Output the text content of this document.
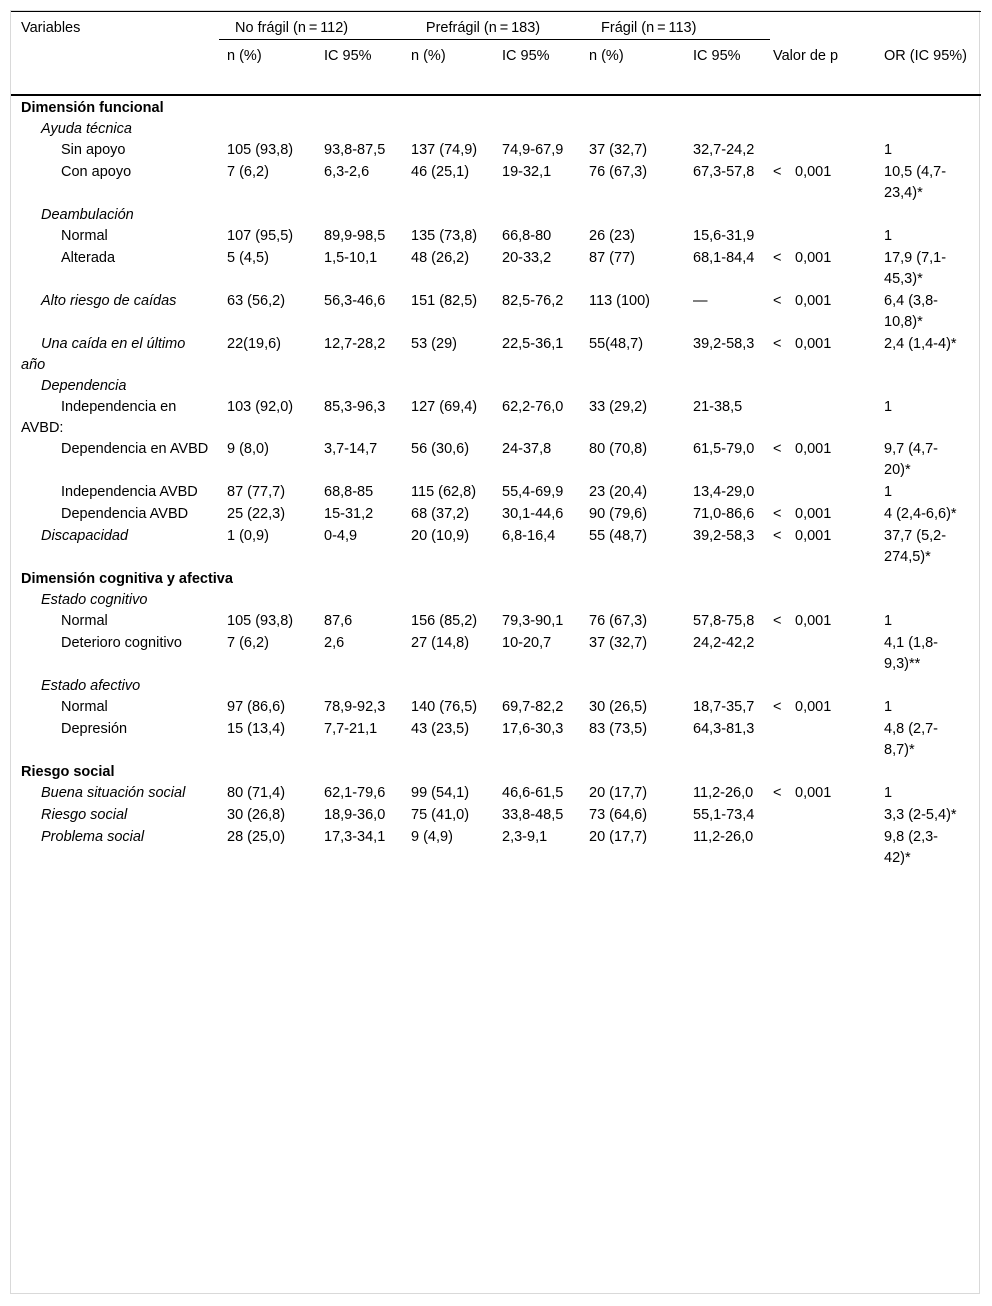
Variables	No frágil (n = 112)		Prefrágil (n = 183)		Frágil (n = 113)			
	n (%)	IC 95%	n (%)	IC 95%	n (%)	IC 95%	Valor de p	OR (IC 95%)
Dimensión funcional								
Ayuda técnica								
Sin apoyo	105 (93,8)	93,8-87,5	137 (74,9)	74,9-67,9	37 (32,7)	32,7-24,2		1
Con apoyo	7 (6,2)	6,3-2,6	46 (25,1)	19-32,1	76 (67,3)	67,3-57,8	< 0,001	10,5 (4,7-23,4)*
Deambulación								
Normal	107 (95,5)	89,9-98,5	135 (73,8)	66,8-80	26 (23)	15,6-31,9		1
Alterada	5 (4,5)	1,5-10,1	48 (26,2)	20-33,2	87 (77)	68,1-84,4	< 0,001	17,9 (7,1-45,3)*
Alto riesgo de caídas	63 (56,2)	56,3-46,6	151 (82,5)	82,5-76,2	113 (100)	—	< 0,001	6,4 (3,8-10,8)*
Una caída en el último año	22(19,6)	12,7-28,2	53 (29)	22,5-36,1	55(48,7)	39,2-58,3	< 0,001	2,4 (1,4-4)*
Dependencia								
Independencia en AVBD:	103 (92,0)	85,3-96,3	127 (69,4)	62,2-76,0	33 (29,2)	21-38,5		1
Dependencia en AVBD	9 (8,0)	3,7-14,7	56 (30,6)	24-37,8	80 (70,8)	61,5-79,0	< 0,001	9,7 (4,7-20)*
Independencia AVBD	87 (77,7)	68,8-85	115 (62,8)	55,4-69,9	23 (20,4)	13,4-29,0		1
Dependencia AVBD	25 (22,3)	15-31,2	68 (37,2)	30,1-44,6	90 (79,6)	71,0-86,6	< 0,001	4 (2,4-6,6)*
Discapacidad	1 (0,9)	0-4,9	20 (10,9)	6,8-16,4	55 (48,7)	39,2-58,3	< 0,001	37,7 (5,2-274,5)*
Dimensión cognitiva y afectiva								
Estado cognitivo								
Normal	105 (93,8)	87,6	156 (85,2)	79,3-90,1	76 (67,3)	57,8-75,8	< 0,001	1
Deterioro cognitivo	7 (6,2)	2,6	27 (14,8)	10-20,7	37 (32,7)	24,2-42,2		4,1 (1,8-9,3)**
Estado afectivo								
Normal	97 (86,6)	78,9-92,3	140 (76,5)	69,7-82,2	30 (26,5)	18,7-35,7	< 0,001	1
Depresión	15 (13,4)	7,7-21,1	43 (23,5)	17,6-30,3	83 (73,5)	64,3-81,3		4,8 (2,7-8,7)*
Riesgo social								
Buena situación social	80 (71,4)	62,1-79,6	99 (54,1)	46,6-61,5	20 (17,7)	11,2-26,0	< 0,001	1
Riesgo social	30 (26,8)	18,9-36,0	75 (41,0)	33,8-48,5	73 (64,6)	55,1-73,4		3,3 (2-5,4)*
Problema social	28 (25,0)	17,3-34,1	9 (4,9)	2,3-9,1	20 (17,7)	11,2-26,0		9,8 (2,3-42)*
